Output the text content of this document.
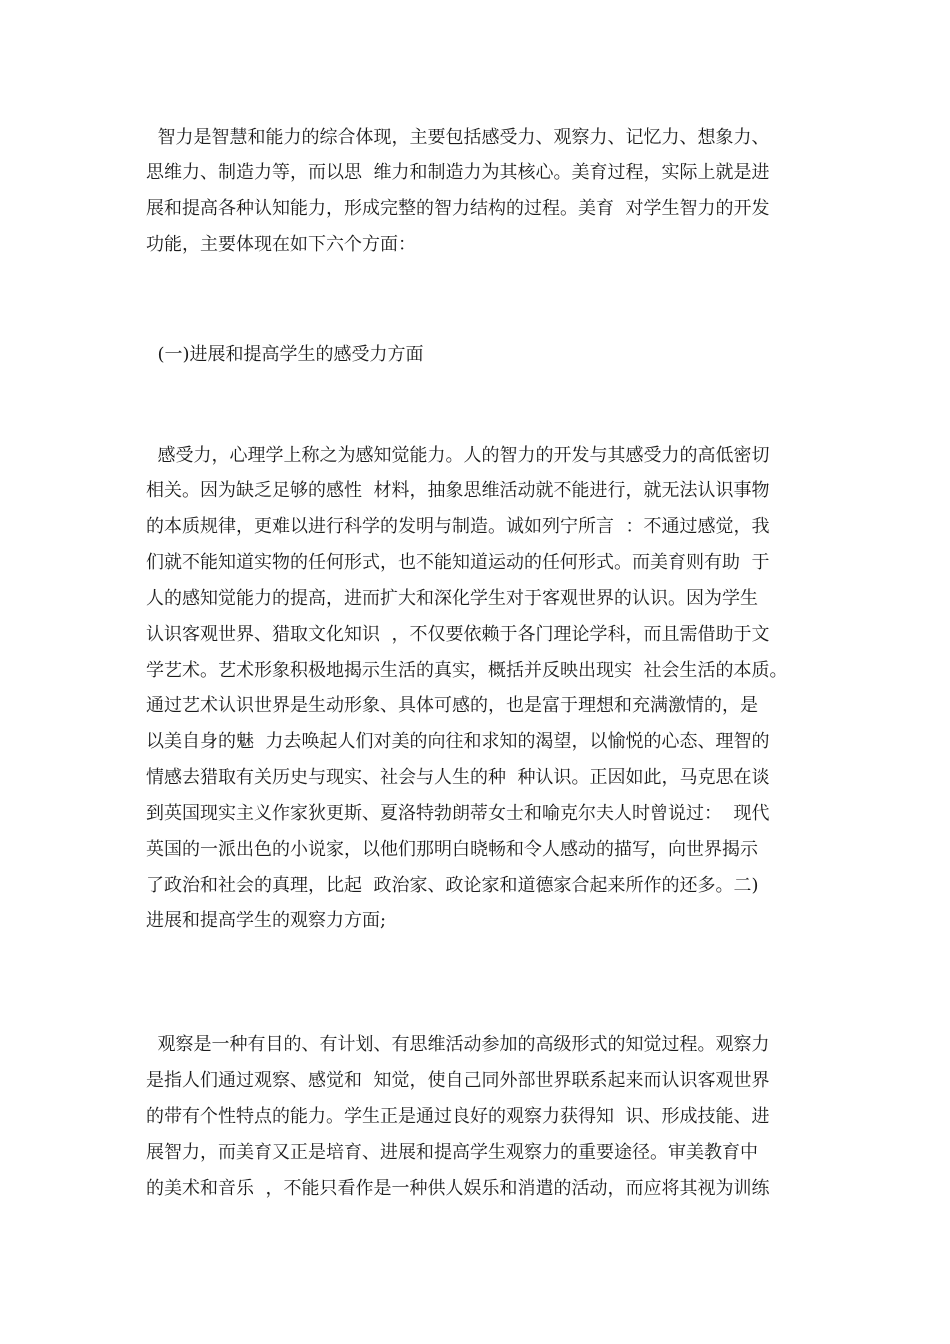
智力是智慧和能力的综合体现，主要包括感受力、观察力、记忆力、想象力、
思维力、制造力等，而以思  维力和制造力为其核心。美育过程，实际上就是进
展和提高各种认知能力，形成完整的智力结构的过程。美育  对学生智力的开发
功能，主要体现在如下六个方面：
(一)进展和提高学生的感受力方面
感受力，心理学上称之为感知觉能力。人的智力的开发与其感受力的高低密切
相关。因为缺乏足够的感性  材料，抽象思维活动就不能进行，就无法认识事物
的本质规律，更难以进行科学的发明与制造。诚如列宁所言  ：不通过感觉，我
们就不能知道实物的任何形式，也不能知道运动的任何形式。而美育则有助  于
人的感知觉能力的提高，进而扩大和深化学生对于客观世界的认识。因为学生
认识客观世界、猎取文化知识  ，不仅要依赖于各门理论学科，而且需借助于文
学艺术。艺术形象积极地揭示生活的真实，概括并反映出现实  社会生活的本质。
通过艺术认识世界是生动形象、具体可感的，也是富于理想和充满激情的，是
以美自身的魅  力去唤起人们对美的向往和求知的渴望，以愉悦的心态、理智的
情感去猎取有关历史与现实、社会与人生的种  种认识。正因如此，马克思在谈
到英国现实主义作家狄更斯、夏洛特勃朗蒂女士和喻克尔夫人时曾说过：  现代
英国的一派出色的小说家，以他们那明白晓畅和令人感动的描写，向世界揭示
了政治和社会的真理，比起  政治家、政论家和道德家合起来所作的还多。二)
进展和提高学生的观察力方面;
观察是一种有目的、有计划、有思维活动参加的高级形式的知觉过程。观察力
是指人们通过观察、感觉和  知觉，使自己同外部世界联系起来而认识客观世界
的带有个性特点的能力。学生正是通过良好的观察力获得知  识、形成技能、进
展智力，而美育又正是培育、进展和提高学生观察力的重要途径。审美教育中
的美术和音乐  ，不能只看作是一种供人娱乐和消遣的活动，而应将其视为训练
